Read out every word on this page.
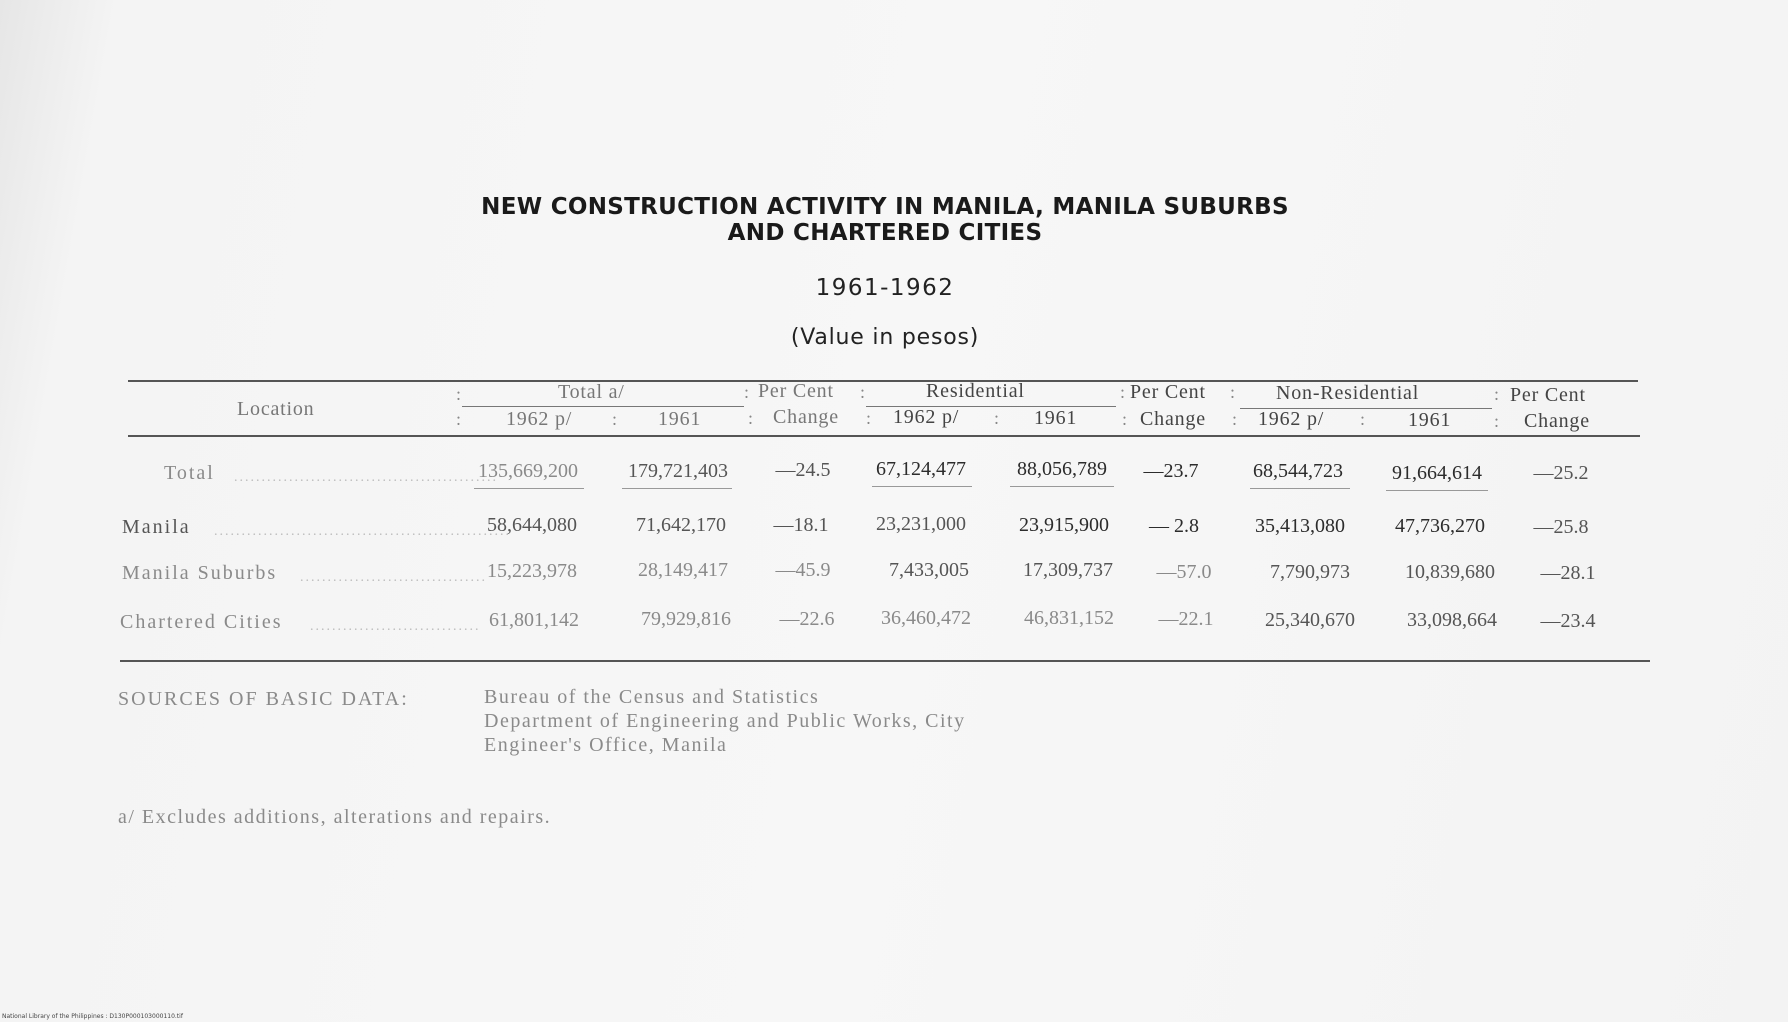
NEW CONSTRUCTION ACTIVITY IN MANILA, MANILA SUBURBS
AND CHARTERED CITIES
1961-1962
(Value in pesos)
Location
:	Total a/	: Per Cent :	Residential	: Per Cent : Non-Residential	: Per Cent
: 1962 p/ : 1961	: Change : 1962 p/ : 1961 : Change : 1962 p/ : 1961 : Change
Total ................................................
135,669,200	179,721,403	—24.5	67,124,477	88,056,789	—23.7	68,544,723	91,664,614	—25.2
Manila ......................................................
58,644,080	71,642,170	—18.1	23,231,000	23,915,900	— 2.8	35,413,080	47,736,270	—25.8
Manila Suburbs .................................. 15,223,978	28,149,417	—45.9	7,433,005	17,309,737	—57.0	7,790,973	10,839,680	—28.1
Chartered Cities ............................... 61,801,142	79,929,816	—22.6	36,460,472	46,831,152	—22.1	25,340,670	33,098,664	—23.4
SOURCES OF BASIC DATA:	Bureau of the Census and Statistics
Department of Engineering and Public Works, City
Engineer's Office, Manila
a/ Excludes additions, alterations and repairs.
National Library of the Philippines : D130P000103000110.tif
